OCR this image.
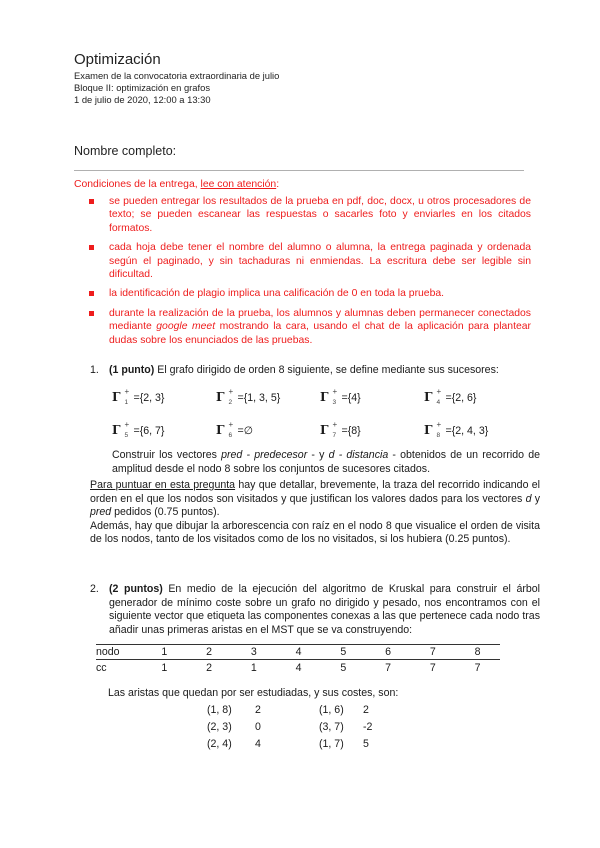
Optimización
Examen de la convocatoria extraordinaria de julio
Bloque II: optimización en grafos
1 de julio de 2020, 12:00 a 13:30
Nombre completo:
Condiciones de la entrega, lee con atención:
se pueden entregar los resultados de la prueba en pdf, doc, docx, u otros procesadores de texto; se pueden escanear las respuestas o sacarles foto y enviarles en los citados formatos.
cada hoja debe tener el nombre del alumno o alumna, la entrega paginada y ordenada según el paginado, y sin tachaduras ni enmiendas. La escritura debe ser legible sin dificultad.
la identificación de plagio implica una calificación de 0 en toda la prueba.
durante la realización de la prueba, los alumnos y alumnas deben permanecer conectados mediante google meet mostrando la cara, usando el chat de la aplicación para plantear dudas sobre los enunciados de las pruebas.
1. (1 punto) El grafo dirigido de orden 8 siguiente, se define mediante sus sucesores:
Γ +
1 ={2, 3}	Γ +
2 ={1, 3, 5}	Γ +
3 ={4}	Γ +
4 ={2, 6}
Γ +
5 ={6, 7}	Γ +
6 =∅	Γ +
7 ={8}	Γ +
8 ={2, 4, 3}
Construir los vectores pred - predecesor - y d - distancia - obtenidos de un recorrido de amplitud desde el nodo 8 sobre los conjuntos de sucesores citados.
Para puntuar en esta pregunta hay que detallar, brevemente, la traza del recorrido indicando el orden en el que los nodos son visitados y que justifican los valores dados para los vectores d y pred pedidos (0.75 puntos).
Además, hay que dibujar la arborescencia con raíz en el nodo 8 que visualice el orden de visita de los nodos, tanto de los visitados como de los no visitados, si los hubiera (0.25 puntos).
2. (2 puntos) En medio de la ejecución del algoritmo de Kruskal para construir el árbol generador de mínimo coste sobre un grafo no dirigido y pesado, nos encontramos con el siguiente vector que etiqueta las componentes conexas a las que pertenece cada nodo tras añadir unas primeras aristas en el MST que se va construyendo:
nodo	1	2	3	4	5	6	7	8
cc	1	2	1	4	5	7	7	7
Las aristas que quedan por ser estudiadas, y sus costes, son:
(1, 8) 2	(1, 6) 2
(2, 3) 0	(3, 7) -2
(2, 4) 4	(1, 7) 5
